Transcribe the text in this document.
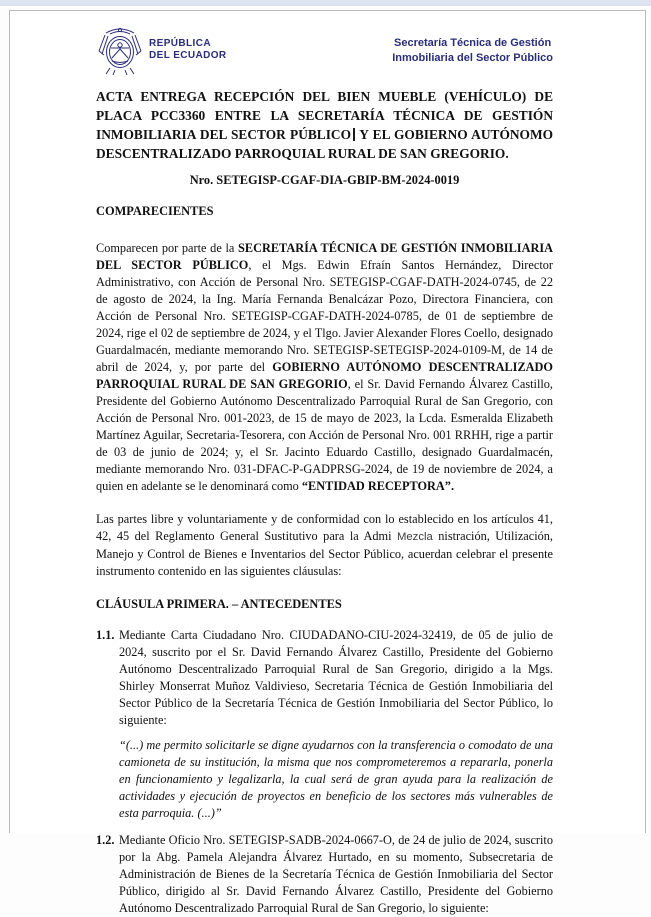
REPÚBLICA
DEL ECUADOR
Secretaría Técnica de Gestión
Inmobiliaria del Sector Público
ACTA ENTREGA RECEPCIÓN DEL BIEN MUEBLE (VEHÍCULO) DE PLACA PCC3360 ENTRE LA SECRETARÍA TÉCNICA DE GESTIÓN INMOBILIARIA DEL SECTOR PÚBLICO Y EL GOBIERNO AUTÓNOMO DESCENTRALIZADO PARROQUIAL RURAL DE SAN GREGORIO.
Nro. SETEGISP-CGAF-DIA-GBIP-BM-2024-0019
COMPARECIENTES
Comparecen por parte de la SECRETARÍA TÉCNICA DE GESTIÓN INMOBILIARIA DEL SECTOR PÚBLICO, el Mgs. Edwin Efraín Santos Hernández, Director Administrativo, con Acción de Personal Nro. SETEGISP-CGAF-DATH-2024-0745, de 22 de agosto de 2024, la Ing. María Fernanda Benalcázar Pozo, Directora Financiera, con Acción de Personal Nro. SETEGISP-CGAF-DATH-2024-0785, de 01 de septiembre de 2024, rige el 02 de septiembre de 2024, y el Tlgo. Javier Alexander Flores Coello, designado Guardalmacén, mediante memorando Nro. SETEGISP-SETEGISP-2024-0109-M, de 14 de abril de 2024, y, por parte del GOBIERNO AUTÓNOMO DESCENTRALIZADO PARROQUIAL RURAL DE SAN GREGORIO, el Sr. David Fernando Álvarez Castillo, Presidente del Gobierno Autónomo Descentralizado Parroquial Rural de San Gregorio, con Acción de Personal Nro. 001-2023, de 15 de mayo de 2023, la Lcda. Esmeralda Elizabeth Martínez Aguilar, Secretaria-Tesorera, con Acción de Personal Nro. 001 RRHH, rige a partir de 03 de junio de 2024; y, el Sr. Jacinto Eduardo Castillo, designado Guardalmacén, mediante memorando Nro. 031-DFAC-P-GADPRSG-2024, de 19 de noviembre de 2024, a quien en adelante se le denominará como “ENTIDAD RECEPTORA”.
Las partes libre y voluntariamente y de conformidad con lo establecido en los artículos 41, 42, 45 del Reglamento General Sustitutivo para la Admi Mezcla nistración, Utilización, Manejo y Control de Bienes e Inventarios del Sector Público, acuerdan celebrar el presente instrumento contenido en las siguientes cláusulas:
CLÁUSULA PRIMERA. – ANTECEDENTES
1.1. Mediante Carta Ciudadano Nro. CIUDADANO-CIU-2024-32419, de 05 de julio de 2024, suscrito por el Sr. David Fernando Álvarez Castillo, Presidente del Gobierno Autónomo Descentralizado Parroquial Rural de San Gregorio, dirigido a la Mgs. Shirley Monserrat Muñoz Valdivieso, Secretaria Técnica de Gestión Inmobiliaria del Sector Público de la Secretaría Técnica de Gestión Inmobiliaria del Sector Público, lo siguiente:
“(...) me permito solicitarle se digne ayudarnos con la transferencia o comodato de una camioneta de su institución, la misma que nos comprometeremos a repararla, ponerla en funcionamiento y legalizarla, la cual será de gran ayuda para la realización de actividades y ejecución de proyectos en beneficio de los sectores más vulnerables de esta parroquia. (...)”
1.2. Mediante Oficio Nro. SETEGISP-SADB-2024-0667-O, de 24 de julio de 2024, suscrito por la Abg. Pamela Alejandra Álvarez Hurtado, en su momento, Subsecretaria de Administración de Bienes de la Secretaría Técnica de Gestión Inmobiliaria del Sector Público, dirigido al Sr. David Fernando Álvarez Castillo, Presidente del Gobierno Autónomo Descentralizado Parroquial Rural de San Gregorio, lo siguiente:
